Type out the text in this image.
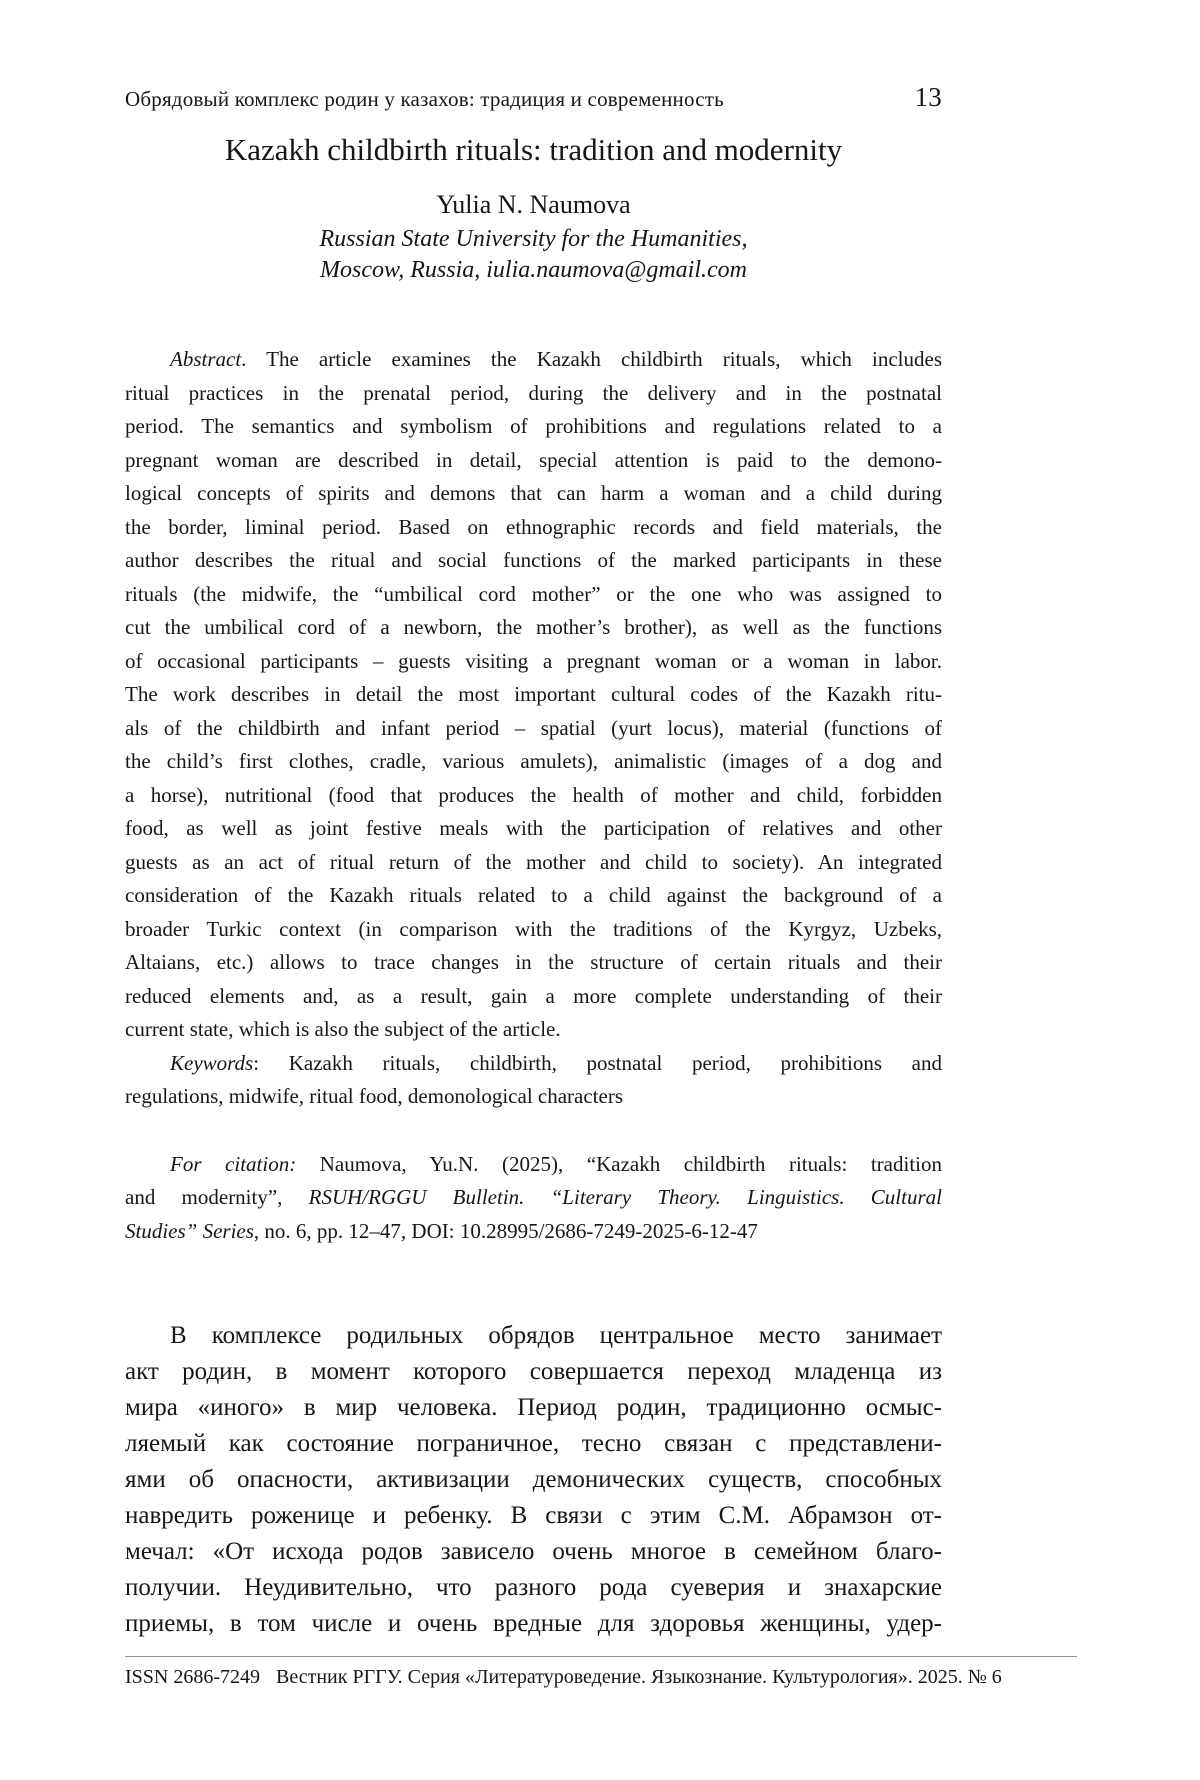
Обрядовый комплекс родин у казахов: традиция и современность	13
Kazakh childbirth rituals: tradition and modernity
Yulia N. Naumova
Russian State University for the Humanities,
Moscow, Russia, iulia.naumova@gmail.com
Abstract. The article examines the Kazakh childbirth rituals, which includes
ritual practices in the prenatal period, during the delivery and in the postnatal
period. The semantics and symbolism of prohibitions and regulations related to a
pregnant woman are described in detail, special attention is paid to the demono-
logical concepts of spirits and demons that can harm a woman and a child during
the border, liminal period. Based on ethnographic records and field materials, the
author describes the ritual and social functions of the marked participants in these
rituals (the midwife, the “umbilical cord mother” or the one who was assigned to
cut the umbilical cord of a newborn, the mother’s brother), as well as the functions
of occasional participants – guests visiting a pregnant woman or a woman in labor.
The work describes in detail the most important cultural codes of the Kazakh ritu-
als of the childbirth and infant period – spatial (yurt locus), material (functions of
the child’s first clothes, cradle, various amulets), animalistic (images of a dog and
a horse), nutritional (food that produces the health of mother and child, forbidden
food, as well as joint festive meals with the participation of relatives and other
guests as an act of ritual return of the mother and child to society). An integrated
consideration of the Kazakh rituals related to a child against the background of a
broader Turkic context (in comparison with the traditions of the Kyrgyz, Uzbeks,
Altaians, etc.) allows to trace changes in the structure of certain rituals and their
reduced elements and, as a result, gain a more complete understanding of their
current state, which is also the subject of the article.
Keywords: Kazakh rituals, childbirth, postnatal period, prohibitions and
regulations, midwife, ritual food, demonological characters
For citation: Naumova, Yu.N. (2025), “Kazakh childbirth rituals: tradition
and modernity”, RSUH/RGGU Bulletin. “Literary Theory. Linguistics. Cultural
Studies” Series, no. 6, pp. 12–47, DOI: 10.28995/2686-7249-2025-6-12-47
В комплексе родильных обрядов центральное место занимает
акт родин, в момент которого совершается переход младенца из
мира «иного» в мир человека. Период родин, традиционно осмыс-
ляемый как состояние пограничное, тесно связан с представлени-
ями об опасности, активизации демонических существ, способных
навредить роженице и ребенку. В связи с этим С.М. Абрамзон от-
мечал: «От исхода родов зависело очень многое в семейном благо-
получии. Неудивительно, что разного рода суеверия и знахарские
приемы, в том числе и очень вредные для здоровья женщины, удер-
ISSN 2686-7249 Вестник РГГУ. Серия «Литературоведение. Языкознание. Культурология». 2025. № 6
